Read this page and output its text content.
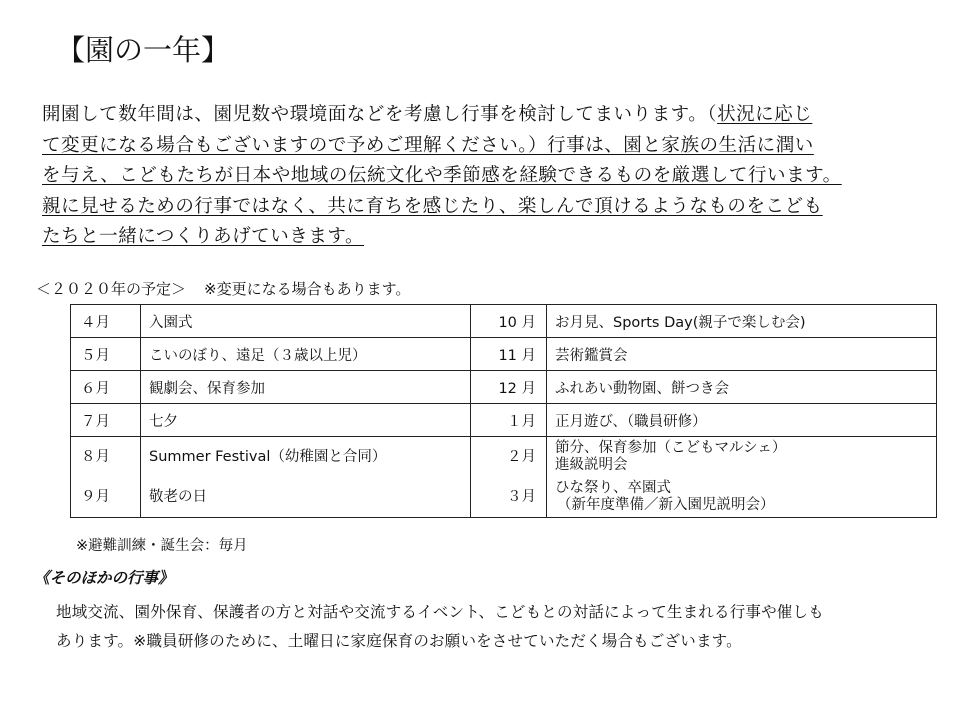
【園の一年】
開園して数年間は、園児数や環境面などを考慮し行事を検討してまいります。（状況に応じ
て変更になる場合もございますので予めご理解ください。）行事は、園と家族の生活に潤い
を与え、こどもたちが日本や地域の伝統文化や季節感を経験できるものを厳選して行います。
親に見せるための行事ではなく、共に育ちを感じたり、楽しんで頂けるようなものをこども
たちと一緒につくりあげていきます。
＜２０２０年の予定＞ ※変更になる場合もあります。
４月	入園式	10 月	お月見、Sports Day(親子で楽しむ会)

５月	こいのぼり、遠足（３歳以上児）	11 月	芸術鑑賞会

６月	観劇会、保育参加	12 月	ふれあい動物園、餅つき会

７月	七夕	１月	正月遊び、（職員研修）

８月	Summer Festival（幼稚園と合同）	２月	節分、保育参加（こどもマルシェ）
進級説明会

９月	敬老の日	３月	ひな祭り、卒園式
（新年度準備／新入園児説明会）
※避難訓練・誕生会：毎月
《そのほかの行事》
地域交流、園外保育、保護者の方と対話や交流するイベント、こどもとの対話によって生まれる行事や催しも
あります。※職員研修のために、土曜日に家庭保育のお願いをさせていただく場合もございます。
